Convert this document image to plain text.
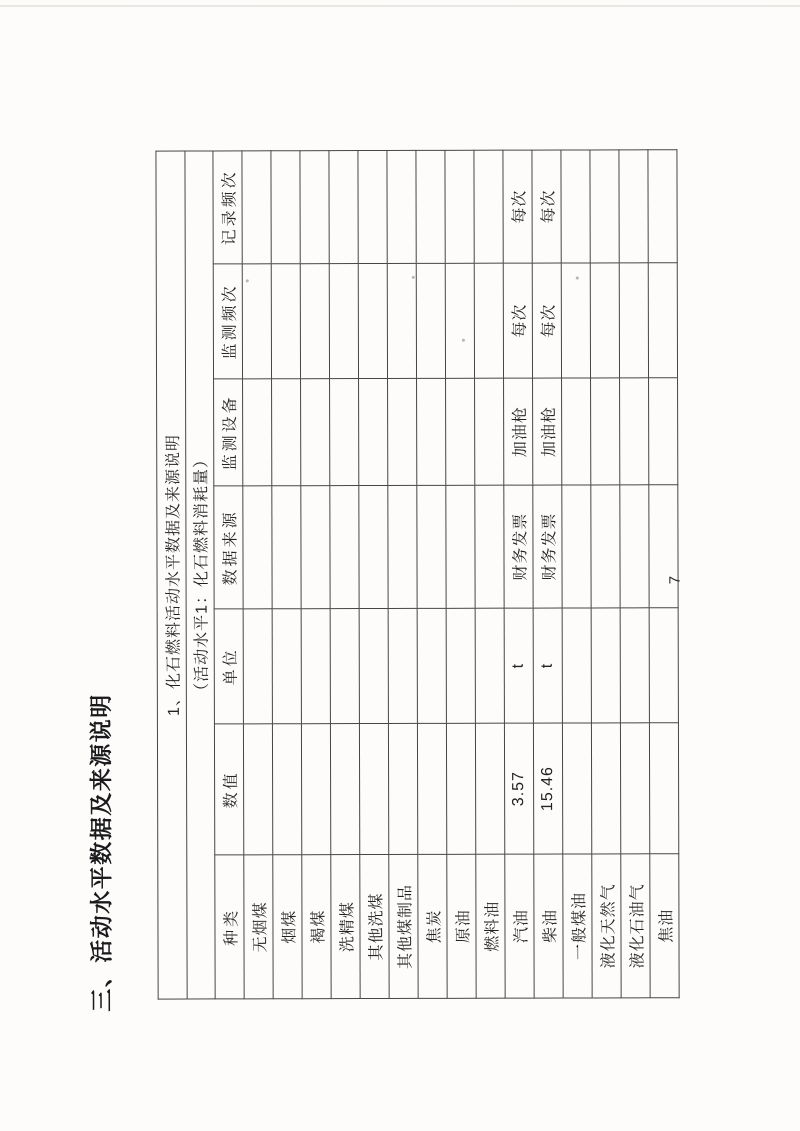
三、活动水平数据及来源说明
1、化石燃料活动水平数据及来源说明						
（活动水平1：化石燃料消耗量）						
种类	数值	单位	数据来源	监测设备	监测频次	记录频次
无烟煤						
烟煤						
褐煤						
洗精煤						
其他洗煤						
其他煤制品						
焦炭						
原油						
燃料油						
汽油	3.57	t	财务发票	加油枪	每次	每次
柴油	15.46	t	财务发票	加油枪	每次	每次
一般煤油						
液化天然气						
液化石油气						
焦油						
7
